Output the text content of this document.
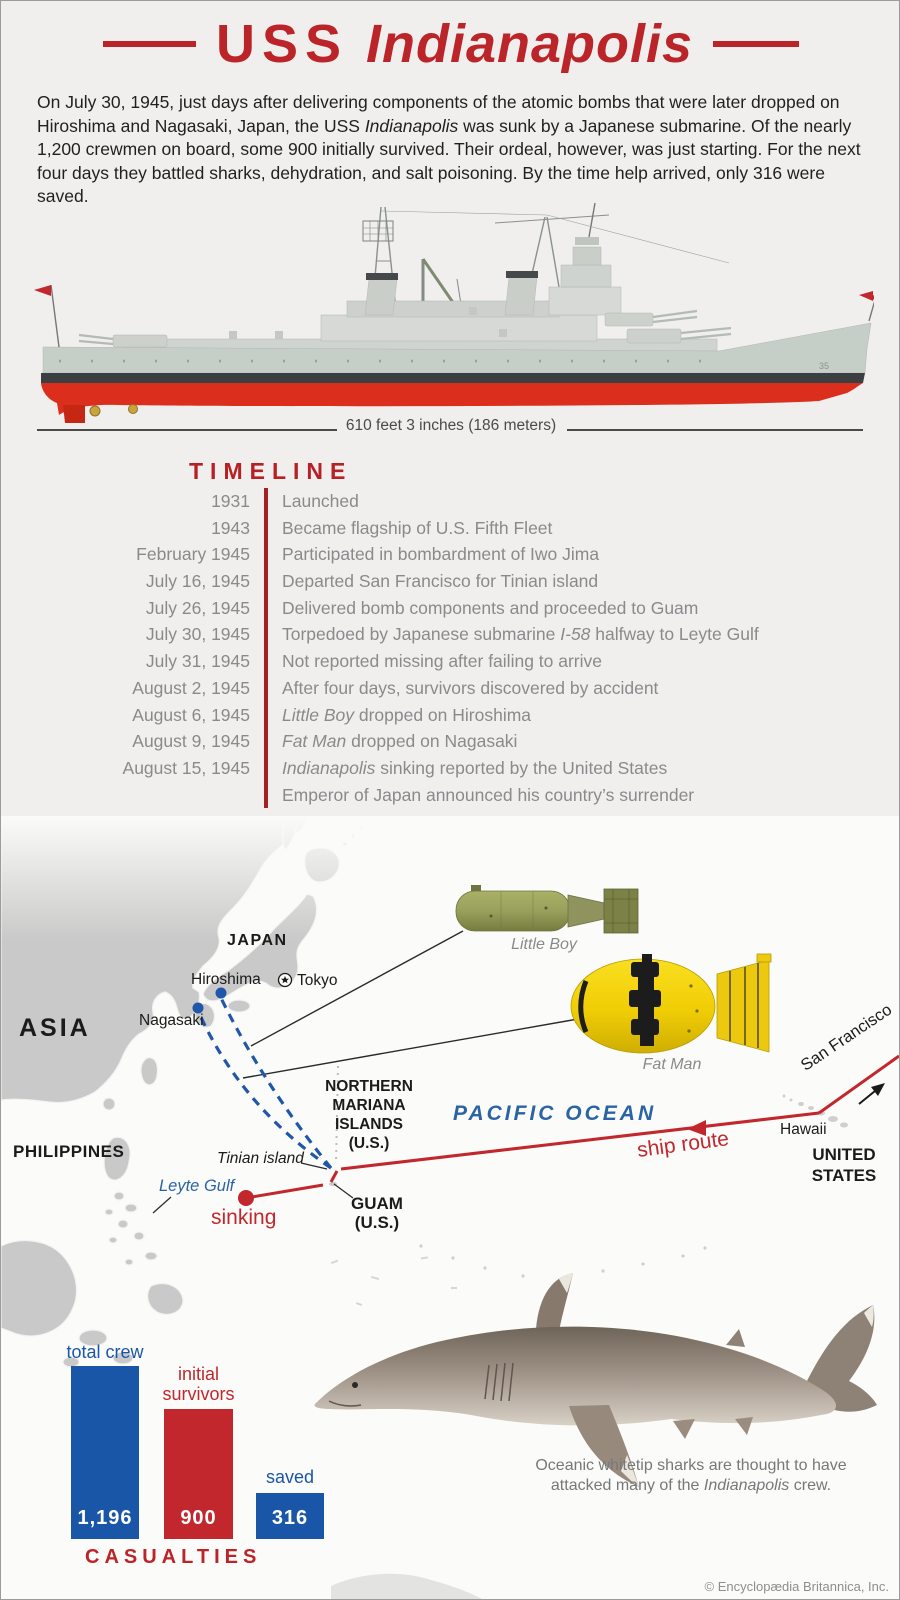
USS Indianapolis
On July 30, 1945, just days after delivering components of the atomic bombs that were later dropped on Hiroshima and Nagasaki, Japan, the USS Indianapolis was sunk by a Japanese submarine. Of the nearly 1,200 crewmen on board, some 900 initially survived. Their ordeal, however, was just starting. For the next four days they battled sharks, dehydration, and salt poisoning. By the time help arrived, only 316 were saved.
35
610 feet 3 inches (186 meters)
TIMELINE
1931	Launched
1943	Became flagship of U.S. Fifth Fleet
February 1945	Participated in bombardment of Iwo Jima
July 16, 1945	Departed San Francisco for Tinian island
July 26, 1945	Delivered bomb components and proceeded to Guam
July 30, 1945	Torpedoed by Japanese submarine I-58 halfway to Leyte Gulf
July 31, 1945	Not reported missing after failing to arrive
August 2, 1945	After four days, survivors discovered by accident
August 6, 1945	Little Boy dropped on Hiroshima
August 9, 1945	Fat Man dropped on Nagasaki
August 15, 1945	Indianapolis sinking reported by the United States
Emperor of Japan announced his country’s surrender
ASIA
JAPAN
Hiroshima Tokyo
Nagasaki
PHILIPPINES
Leyte Gulf
sinking
Tinian island
GUAM
(U.S.)
NORTHERN
MARIANA
ISLANDS
(U.S.)
PACIFIC OCEAN
ship route	Hawaii
UNITED
STATES
San Francisco
Little Boy
Fat Man
Oceanic whitetip sharks are thought to have
attacked many of the Indianapolis crew.
total crew
initial survivors
saved
1,196	900	316
CASUALTIES
© Encyclopædia Britannica, Inc.
